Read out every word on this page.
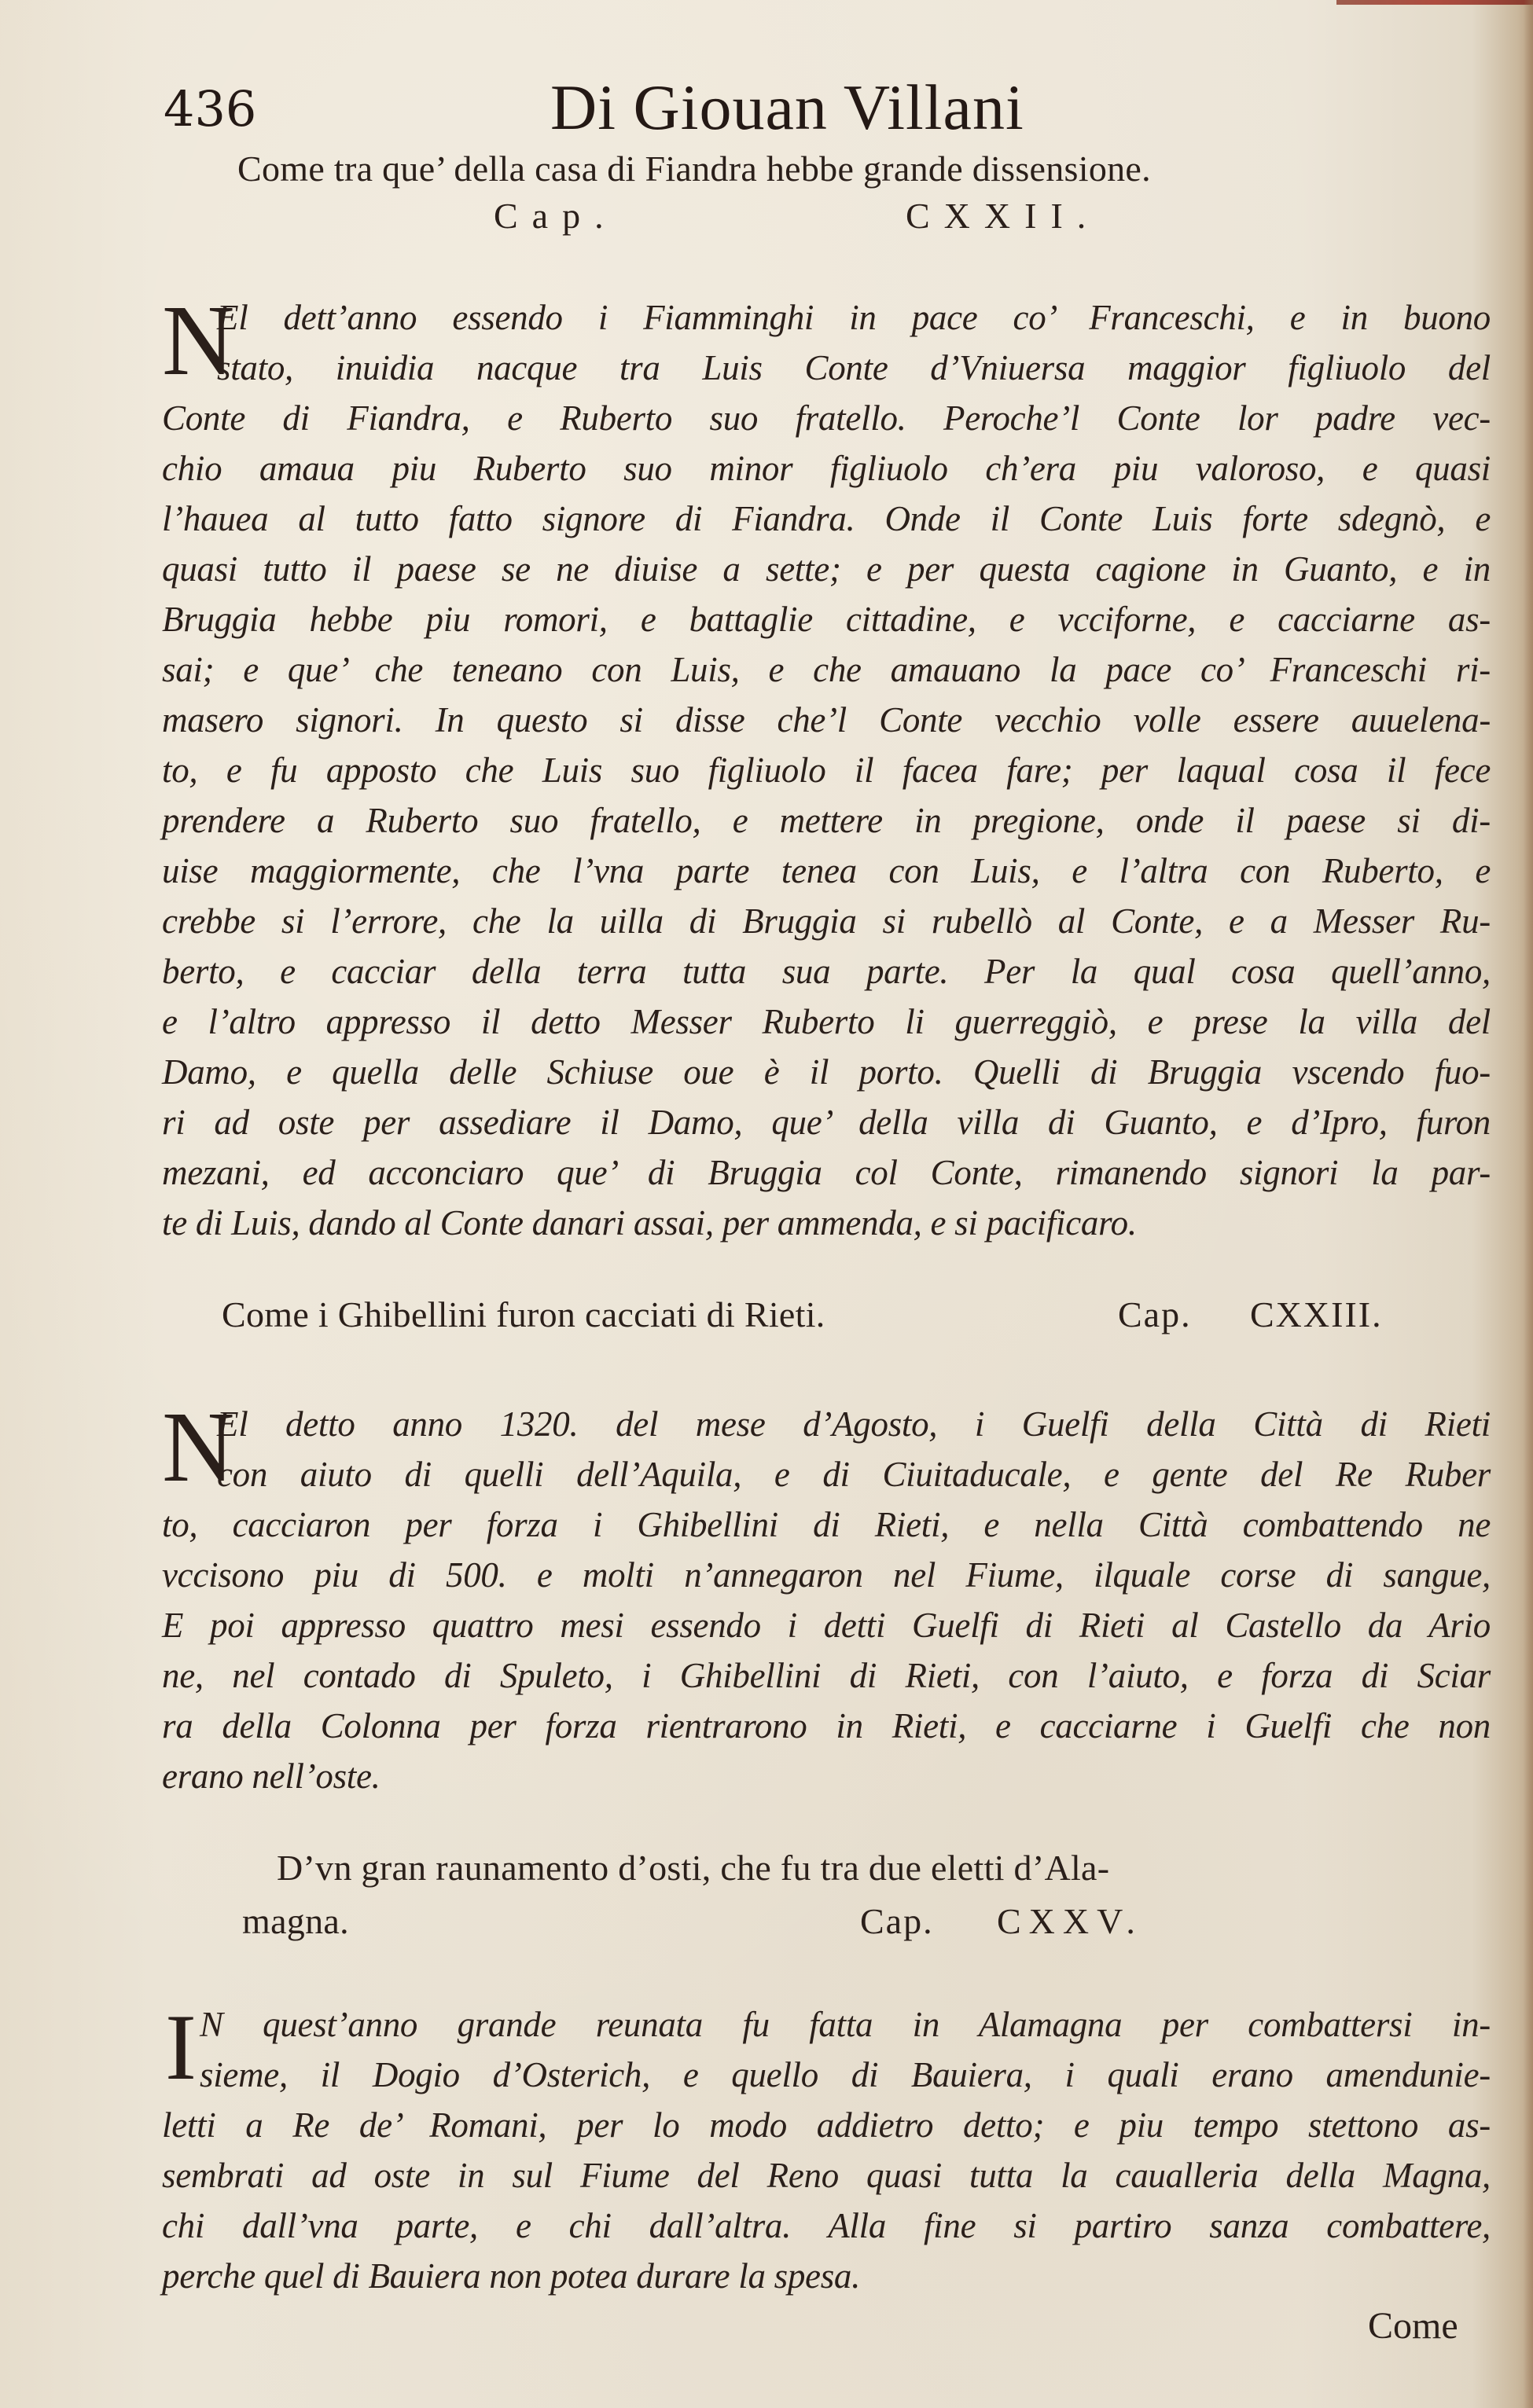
436	Di Giouan Villani
Come tra que’ della casa di Fiandra hebbe grande dissensione.
Cap.	CXXII.
N
El dett’anno essendo i Fiamminghi in pace co’ Franceschi, e in buono
stato, inuidia nacque tra Luis Conte d’Vniuersa maggior figliuolo del
Conte di Fiandra, e Ruberto suo fratello. Peroche’l Conte lor padre vec-
chio amaua piu Ruberto suo minor figliuolo ch’era piu valoroso, e quasi
l’hauea al tutto fatto signore di Fiandra. Onde il Conte Luis forte sdegnò, e
quasi tutto il paese se ne diuise a sette; e per questa cagione in Guanto, e in
Bruggia hebbe piu romori, e battaglie cittadine, e vcciforne, e cacciarne as-
sai; e que’ che teneano con Luis, e che amauano la pace co’ Franceschi ri-
masero signori. In questo si disse che’l Conte vecchio volle essere auuelena-
to, e fu apposto che Luis suo figliuolo il facea fare; per laqual cosa il fece
prendere a Ruberto suo fratello, e mettere in pregione, onde il paese si di-
uise maggiormente, che l’vna parte tenea con Luis, e l’altra con Ruberto, e
crebbe si l’errore, che la uilla di Bruggia si rubellò al Conte, e a Messer Ru-
berto, e cacciar della terra tutta sua parte. Per la qual cosa quell’anno,
e l’altro appresso il detto Messer Ruberto li guerreggiò, e prese la villa del
Damo, e quella delle Schiuse oue è il porto. Quelli di Bruggia vscendo fuo-
ri ad oste per assediare il Damo, que’ della villa di Guanto, e d’Ipro, furon
mezani, ed acconciaro que’ di Bruggia col Conte, rimanendo signori la par-
te di Luis, dando al Conte danari assai, per ammenda, e si pacificaro.
Come i Ghibellini furon cacciati di Rieti.	Cap. CXXIII.
N
El detto anno 1320. del mese d’Agosto, i Guelfi della Città di Rieti
con aiuto di quelli dell’Aquila, e di Ciuitaducale, e gente del Re Ruber
to, cacciaron per forza i Ghibellini di Rieti, e nella Città combattendo ne
vccisono piu di 500. e molti n’annegaron nel Fiume, ilquale corse di sangue,
E poi appresso quattro mesi essendo i detti Guelfi di Rieti al Castello da Ario
ne, nel contado di Spuleto, i Ghibellini di Rieti, con l’aiuto, e forza di Sciar
ra della Colonna per forza rientrarono in Rieti, e cacciarne i Guelfi che non
erano nell’oste.
D’vn gran raunamento d’osti, che fu tra due eletti d’Ala-
magna.	Cap. CXXV.
I N quest’anno grande reunata fu fatta in Alamagna per combattersi in-
sieme, il Dogio d’Osterich, e quello di Bauiera, i quali erano amendunie-
letti a Re de’ Romani, per lo modo addietro detto; e piu tempo stettono as-
sembrati ad oste in sul Fiume del Reno quasi tutta la caualleria della Magna,
chi dall’vna parte, e chi dall’altra. Alla fine si partiro sanza combattere,
perche quel di Bauiera non potea durare la spesa.
Come
